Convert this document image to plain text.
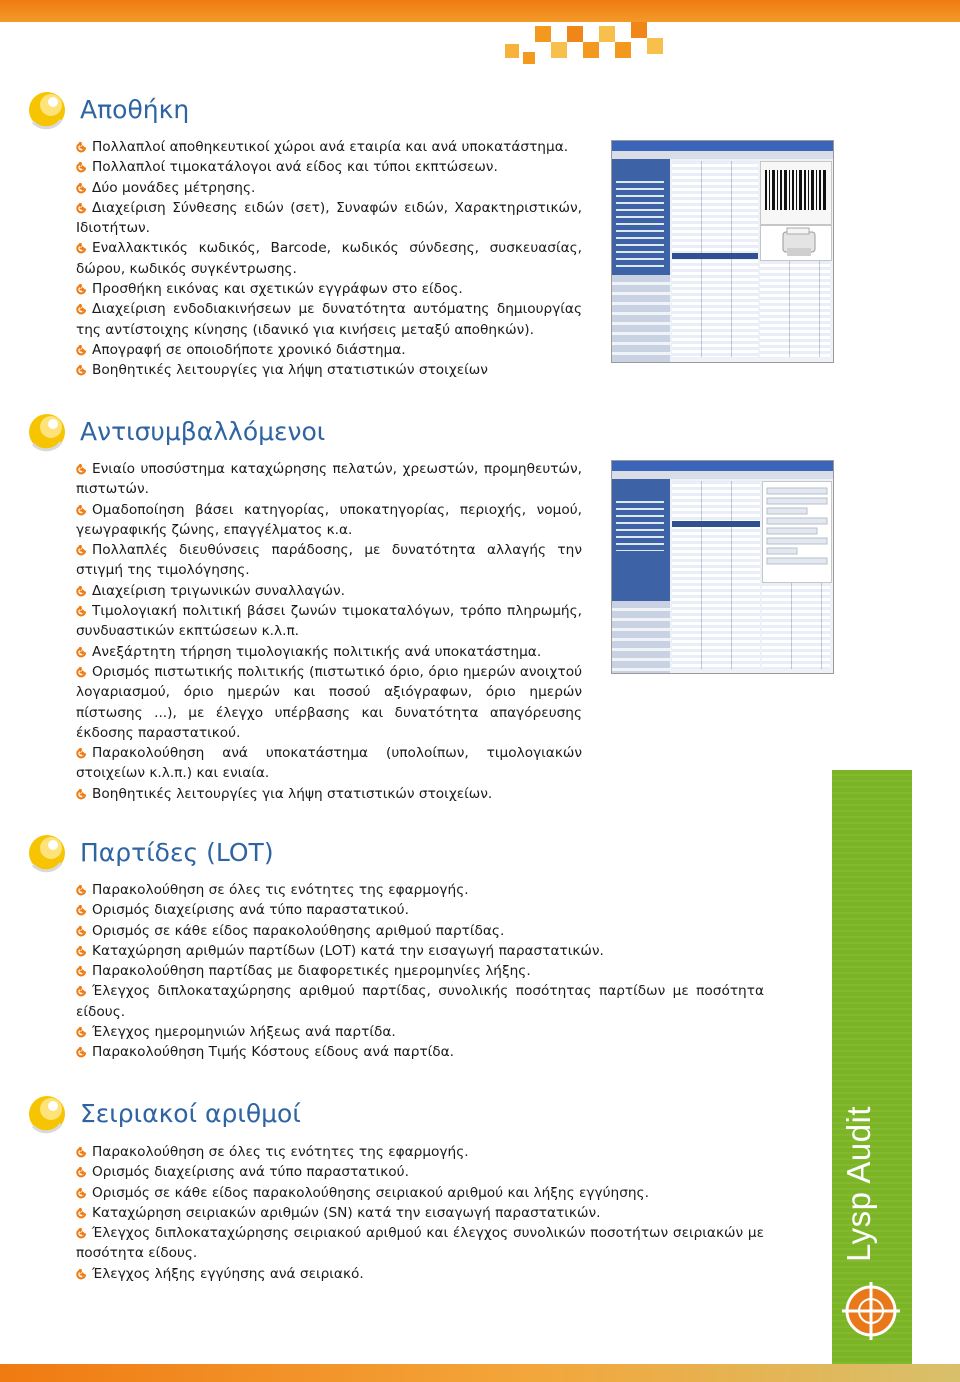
Αποθήκη
Πολλαπλοί αποθηκευτικοί χώροι ανά εταιρία και ανά υποκατάστημα.
Πολλαπλοί τιμοκατάλογοι ανά είδος και τύποι εκπτώσεων.
Δύο μονάδες μέτρησης.
Διαχείριση Σύνθεσης ειδών (σετ), Συναφών ειδών, Χαρακτηριστικών, Ιδιοτήτων.
Εναλλακτικός κωδικός, Barcode, κωδικός σύνδεσης, συσκευασίας, δώρου, κωδικός συγκέντρωσης.
Προσθήκη εικόνας και σχετικών εγγράφων στο είδος.
Διαχείριση ενδοδιακινήσεων με δυνατότητα αυτόματης δημιουργίας της αντίστοιχης κίνησης (ιδανικό για κινήσεις μεταξύ αποθηκών).
Απογραφή σε οποιοδήποτε χρονικό διάστημα.
Βοηθητικές λειτουργίες για λήψη στατιστικών στοιχείων
Αντισυμβαλλόμενοι
Ενιαίο υποσύστημα καταχώρησης πελατών, χρεωστών, προμηθευτών, πιστωτών.
Ομαδοποίηση βάσει κατηγορίας, υποκατηγορίας, περιοχής, νομού, γεωγραφικής ζώνης, επαγγέλματος κ.α.
Πολλαπλές διευθύνσεις παράδοσης, με δυνατότητα αλλαγής την στιγμή της τιμολόγησης.
Διαχείριση τριγωνικών συναλλαγών.
Τιμολογιακή πολιτική βάσει ζωνών τιμοκαταλόγων, τρόπο πληρωμής, συνδυαστικών εκπτώσεων κ.λ.π.
Ανεξάρτητη τήρηση τιμολογιακής πολιτικής ανά υποκατάστημα.
Ορισμός πιστωτικής πολιτικής (πιστωτικό όριο, όριο ημερών ανοιχτού λογαριασμού, όριο ημερών και ποσού αξιόγραφων, όριο ημερών πίστωσης ...), με έλεγχο υπέρβασης και δυνατότητα απαγόρευσης έκδοσης παραστατικού.
Παρακολούθηση ανά υποκατάστημα (υπολοίπων, τιμολογιακών στοιχείων κ.λ.π.) και ενιαία.
Βοηθητικές λειτουργίες για λήψη στατιστικών στοιχείων.
Παρτίδες (LOT)
Παρακολούθηση σε όλες τις ενότητες της εφαρμογής.
Ορισμός διαχείρισης ανά τύπο παραστατικού.
Ορισμός σε κάθε είδος παρακολούθησης αριθμού παρτίδας.
Καταχώρηση αριθμών παρτίδων (LOT) κατά την εισαγωγή παραστατικών.
Παρακολούθηση παρτίδας με διαφορετικές ημερομηνίες λήξης.
Έλεγχος διπλοκαταχώρησης αριθμού παρτίδας, συνολικής ποσότητας παρτίδων με ποσότητα είδους.
Έλεγχος ημερομηνιών λήξεως ανά παρτίδα.
Παρακολούθηση Τιμής Κόστους είδους ανά παρτίδα.
Σειριακοί αριθμοί
Παρακολούθηση σε όλες τις ενότητες της εφαρμογής.
Ορισμός διαχείρισης ανά τύπο παραστατικού.
Ορισμός σε κάθε είδος παρακολούθησης σειριακού αριθμού και λήξης εγγύησης.
Καταχώρηση σειριακών αριθμών (SN) κατά την εισαγωγή παραστατικών.
Έλεγχος διπλοκαταχώρησης σειριακού αριθμού και έλεγχος συνολικών ποσοτήτων σειριακών με ποσότητα είδους.
Έλεγχος λήξης εγγύησης ανά σειριακό.
